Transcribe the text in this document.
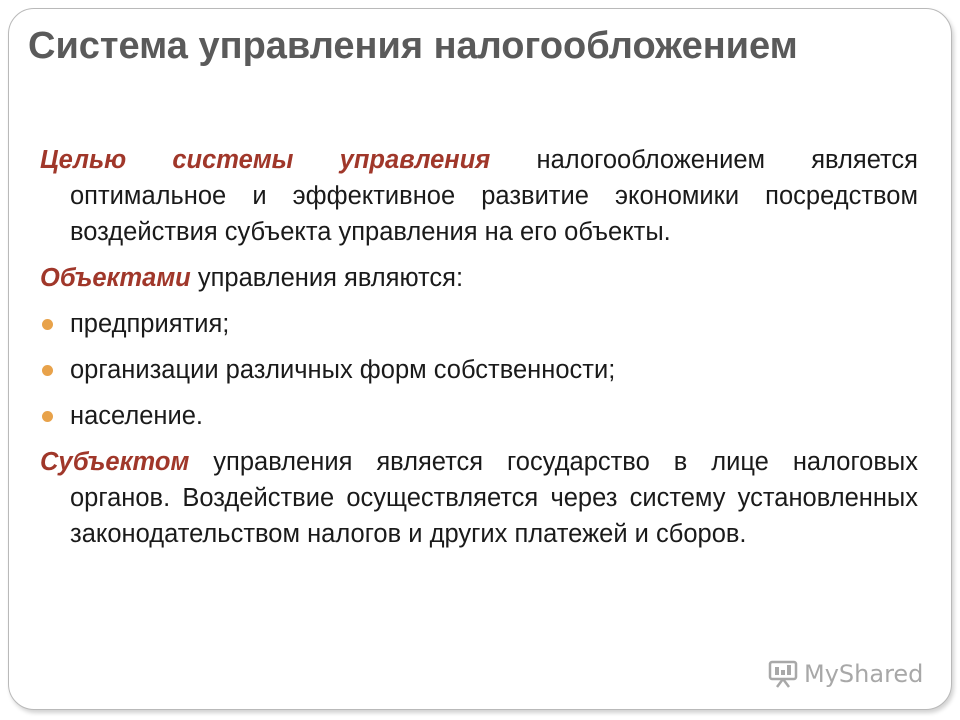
Система управления налогообложением
Целью системы управления налогообложением является оптимальное и эффективное развитие экономики посредством воздействия субъекта управления на его объекты.
Объектами управления являются:
предприятия;
организации различных форм собственности;
население.
Субъектом управления является государство в лице налоговых органов. Воздействие осуществляется через систему установленных законодательством налогов и других платежей и сборов.
MyShared
